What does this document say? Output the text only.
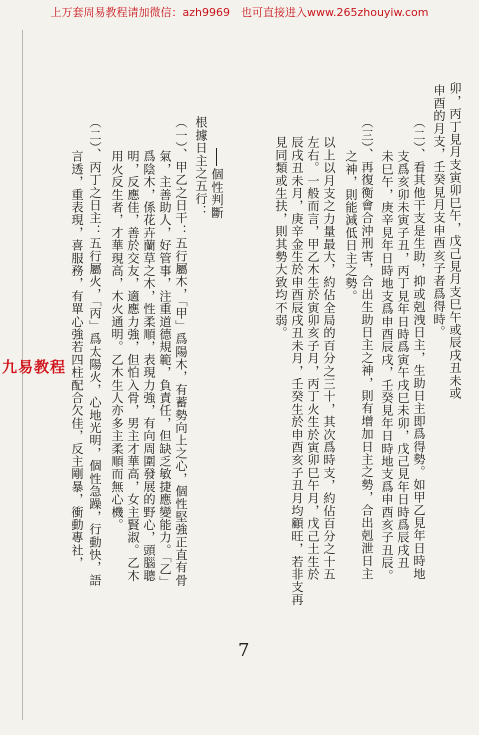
上万套周易教程请加微信：azh9969　也可直接进入www.265zhouyiw.com
卯，丙丁見月支寅卯巳午，戊己見月支巳午或辰戌丑未或
申酉的月支，壬癸見月支申酉亥子者爲得時。
（二）、看其他干支是生助，抑或剋洩日主，生助日主即爲得勢。如甲乙見年日時地
支爲亥卯未寅子丑，丙丁見年日時爲寅午戌巳未卯，戊己見年日時爲辰戌丑
未巳午，庚辛見年日時地支爲申酉辰戌，壬癸見年日時地支爲申酉亥子丑辰。
（三）、再復衡會合沖刑害，合出生助日主之神，則有增加日主之勢，合出剋泄日主
之神，則能減低日主之勢。
以上以月支之力量最大，約佔全局的百分之三十，其次爲時支，約佔百分之十五
左右。一般而言，甲乙木生於寅卯亥子月，丙丁火生於寅卯巳午月，戊己土生於
辰戌丑未月，庚辛金生於申酉辰戌丑未月，壬癸生於申酉亥子丑月均顧旺，若非支再
見同類或生扶，則其勢大致均不弱。
個性判斷
根據日主之五行：
（一）、甲乙之日干：五行屬木，「甲」爲陽木，有蓄勢向上之心，個性堅強正直有骨
氣，主善助人，好管事，注重道德規範，負責任，但缺乏敏捷應變能力。「乙」
爲陰木，係花卉蘭草之木，性柔順，表現力強，有向周圍發展的野心，頭腦聰
明，反應佳，善於交友，適應力強，但怕入骨，男主才華高，女主賢淑。乙木
用火反生者，才華現高，木火通明。乙木生人亦多主柔順而無心機。
（二）、丙丁之日主：五行屬火，「丙」爲太陽火，心地光明，個性急躁，行動快，語
言透，重表現，喜服務，有單心強若四柱配合欠佳，反主剛暴，衝動專社，
九易教程
7
